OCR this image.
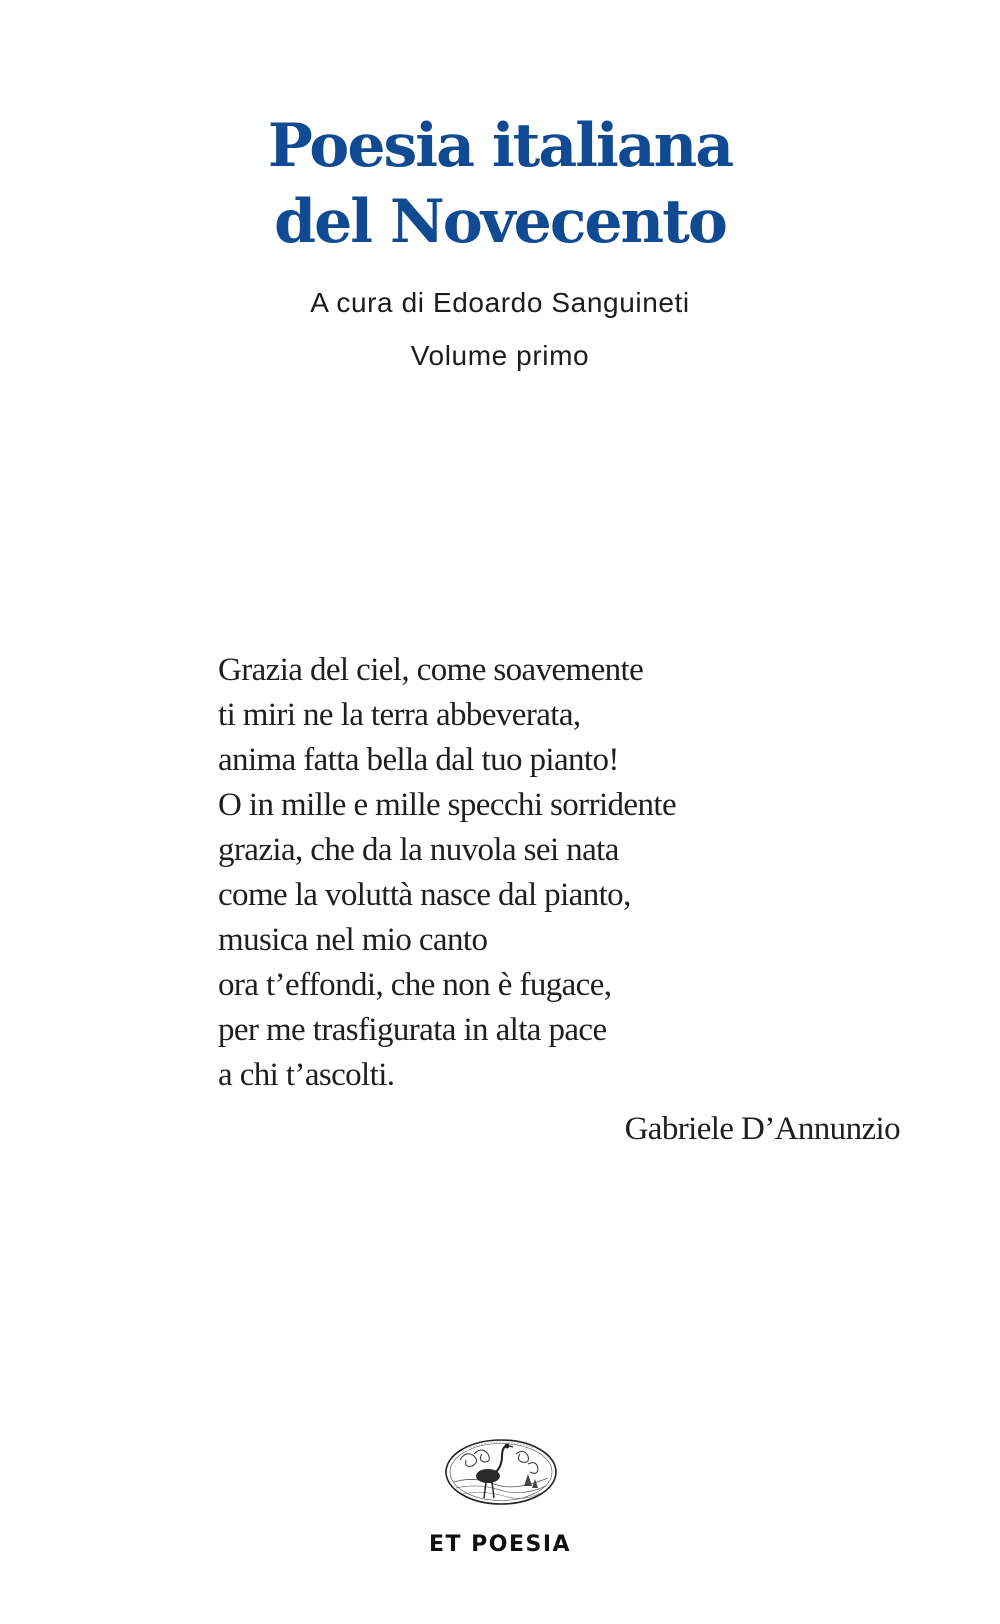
Poesia italiana
del Novecento

A cura di Edoardo Sanguineti

Volume primo

Grazia del ciel, come soavemente
ti miri ne la terra abbeverata,
anima fatta bella dal tuo pianto!
O in mille e mille specchi sorridente
grazia, che da la nuvola sei nata
come la voluttà nasce dal pianto,
musica nel mio canto
ora t’effondi, che non è fugace,
per me trasfigurata in alta pace
a chi t’ascolti.
Gabriele D’Annunzio
ET POESIA
